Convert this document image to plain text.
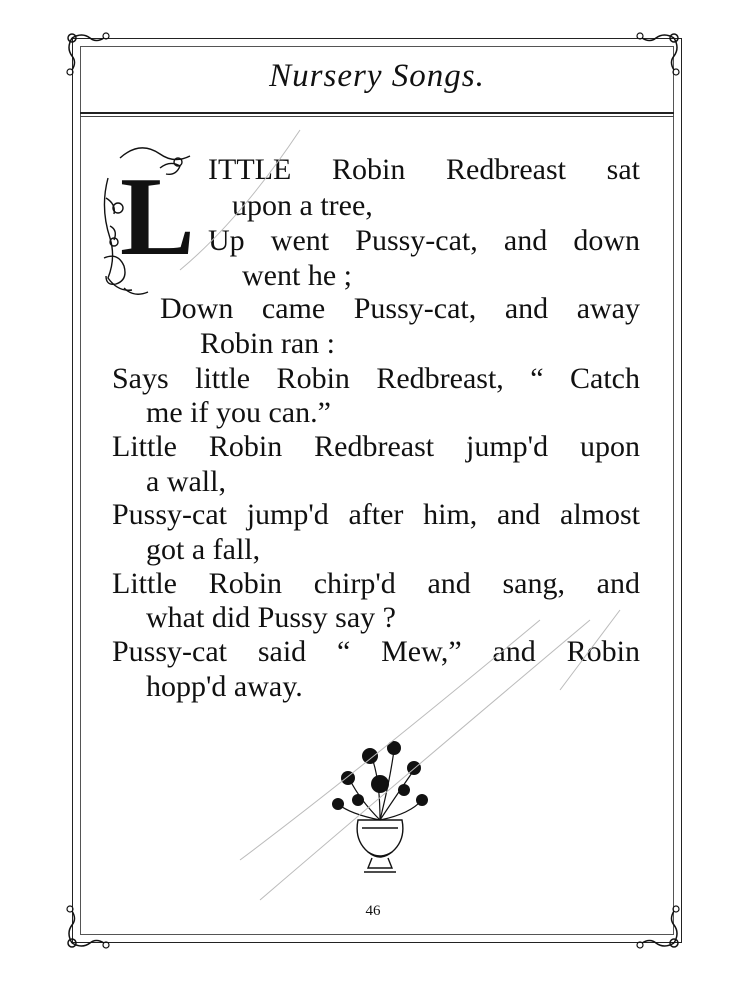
Nursery Songs.
L ITTLE Robin Redbreast sat
upon a tree,
Up went Pussy-cat, and down
went he ;
Down came Pussy-cat, and away
Robin ran :
Says little Robin Redbreast, “ Catch
me if you can.”
Little Robin Redbreast jump'd upon
a wall,
Pussy-cat jump'd after him, and almost
got a fall,
Little Robin chirp'd and sang, and
what did Pussy say ?
Pussy-cat said “ Mew,” and Robin
hopp'd away.
46
